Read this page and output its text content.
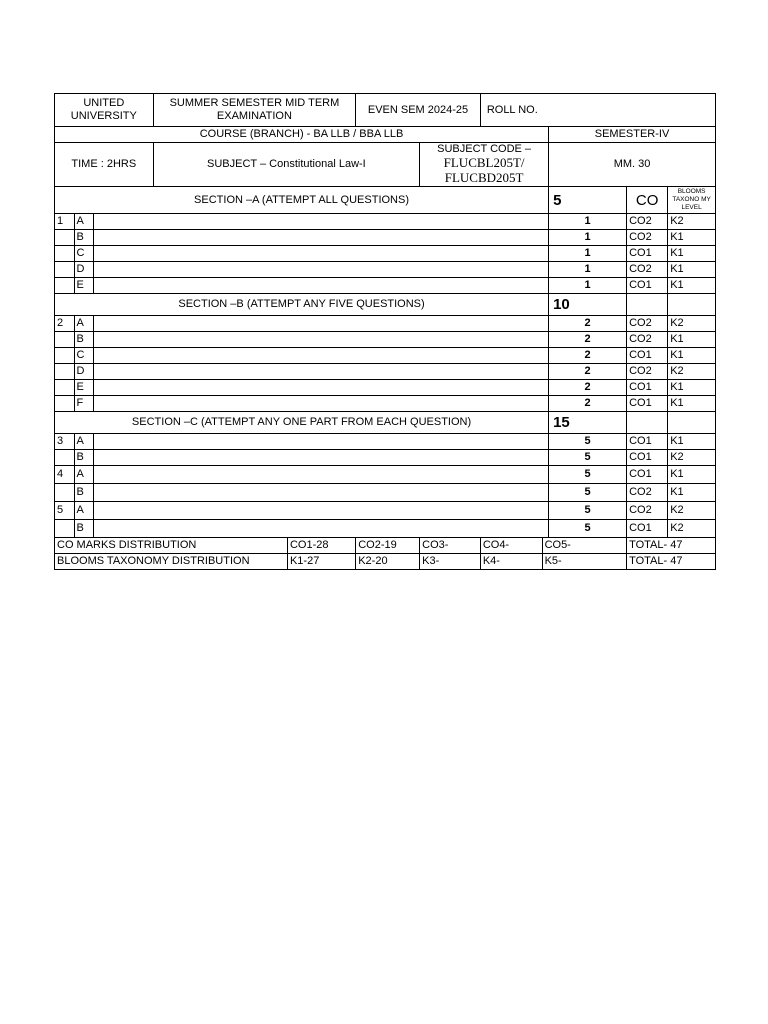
UNITED UNIVERSITY			SUMMER SEMESTER MID TERM EXAMINATION		EVEN SEM 2024-25		ROLL NO.				
COURSE (BRANCH) - BA LLB / BBA LLB									SEMESTER-IV		
TIME : 2HRS			SUBJECT – Constitutional Law-I			SUBJECT CODE – FLUCBL205T/
FLUCBD205T			MM. 30		
SECTION –A (ATTEMPT ALL QUESTIONS)									5	CO	BLOOMS TAXONO MY LEVEL
1	A								1	CO2	K2
	B								1	CO2	K1
	C								1	CO1	K1
	D								1	CO2	K1
	E								1	CO1	K1
SECTION –B (ATTEMPT ANY FIVE QUESTIONS)									10		
2	A								2	CO2	K2
	B								2	CO2	K1
	C								2	CO1	K1
	D								2	CO2	K2
	E								2	CO1	K1
	F								2	CO1	K1
SECTION –C (ATTEMPT ANY ONE PART FROM EACH QUESTION)									15		
3	A								5	CO1	K1
	B								5	CO1	K2
4	A								5	CO1	K1
	B								5	CO2	K1
5	A								5	CO2	K2
	B								5	CO1	K2
CO MARKS DISTRIBUTION				CO1-28	CO2-19	CO3-	CO4-	CO5-		TOTAL- 47	
BLOOMS TAXONOMY DISTRIBUTION				K1-27	K2-20	K3-	K4-	K5-		TOTAL- 47	
